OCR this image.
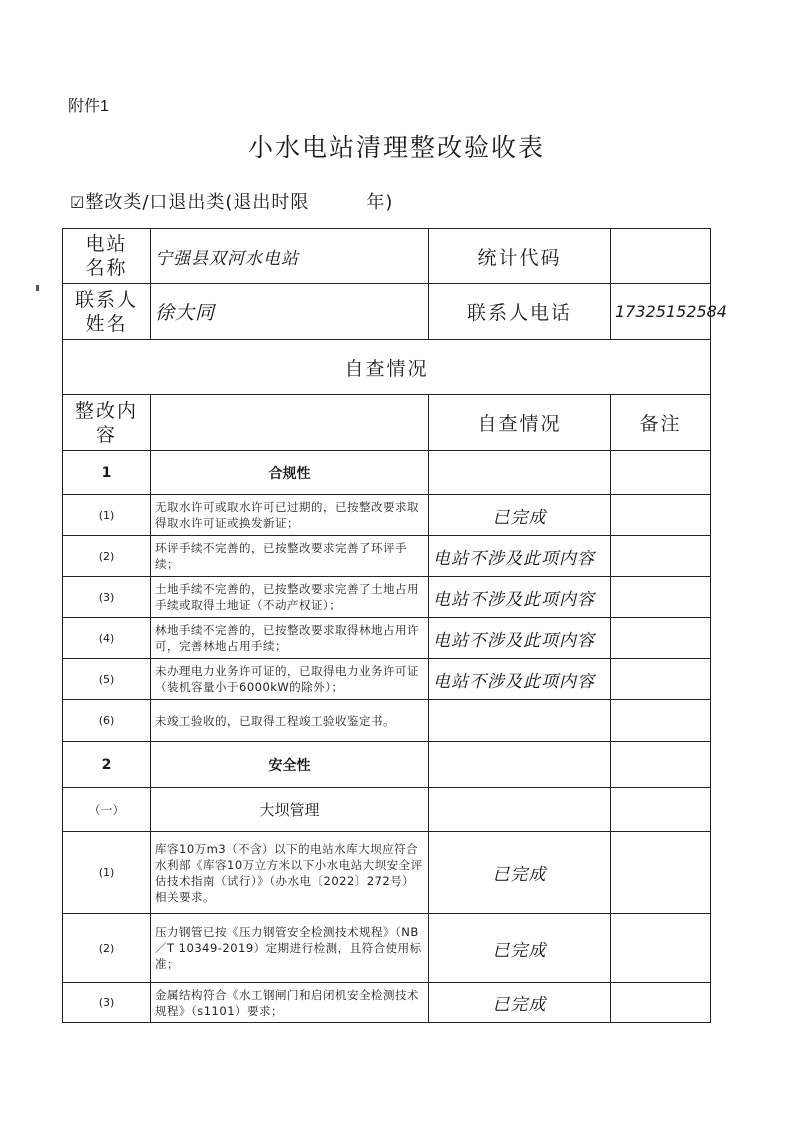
附件1
小水电站清理整改验收表
☑整改类/口退出类(退出时限　　　年)
电站
名称	宁强县双河水电站	统计代码	
联系人
姓名	徐大同	联系人电话	17325152584
自查情况			
整改内
容		自查情况	备注
1	合规性		
(1)	无取水许可或取水许可已过期的，已按整改要求取得取水许可证或换发新证；	已完成	
(2)	环评手续不完善的，已按整改要求完善了环评手续；	电站不涉及此项内容	
(3)	土地手续不完善的，已按整改要求完善了土地占用手续或取得土地证（不动产权证）；	电站不涉及此项内容	
(4)	林地手续不完善的，已按整改要求取得林地占用许可，完善林地占用手续；	电站不涉及此项内容	
(5)	未办理电力业务许可证的，已取得电力业务许可证（装机容量小于6000kW的除外）；	电站不涉及此项内容	
(6)	未竣工验收的，已取得工程竣工验收鉴定书。		
2	安全性		
（一）	大坝管理		
(1)	库容10万m3（不含）以下的电站水库大坝应符合水利部《库容10万立方米以下小水电站大坝安全评估技术指南（试行）》（办水电〔2022〕272号）相关要求。	已完成	
(2)	压力钢管已按《压力钢管安全检测技术规程》（NB／T 10349-2019）定期进行检测，且符合使用标准；	已完成	
(3)	金属结构符合《水工钢闸门和启闭机安全检测技术规程》（s1101）要求；	已完成	
